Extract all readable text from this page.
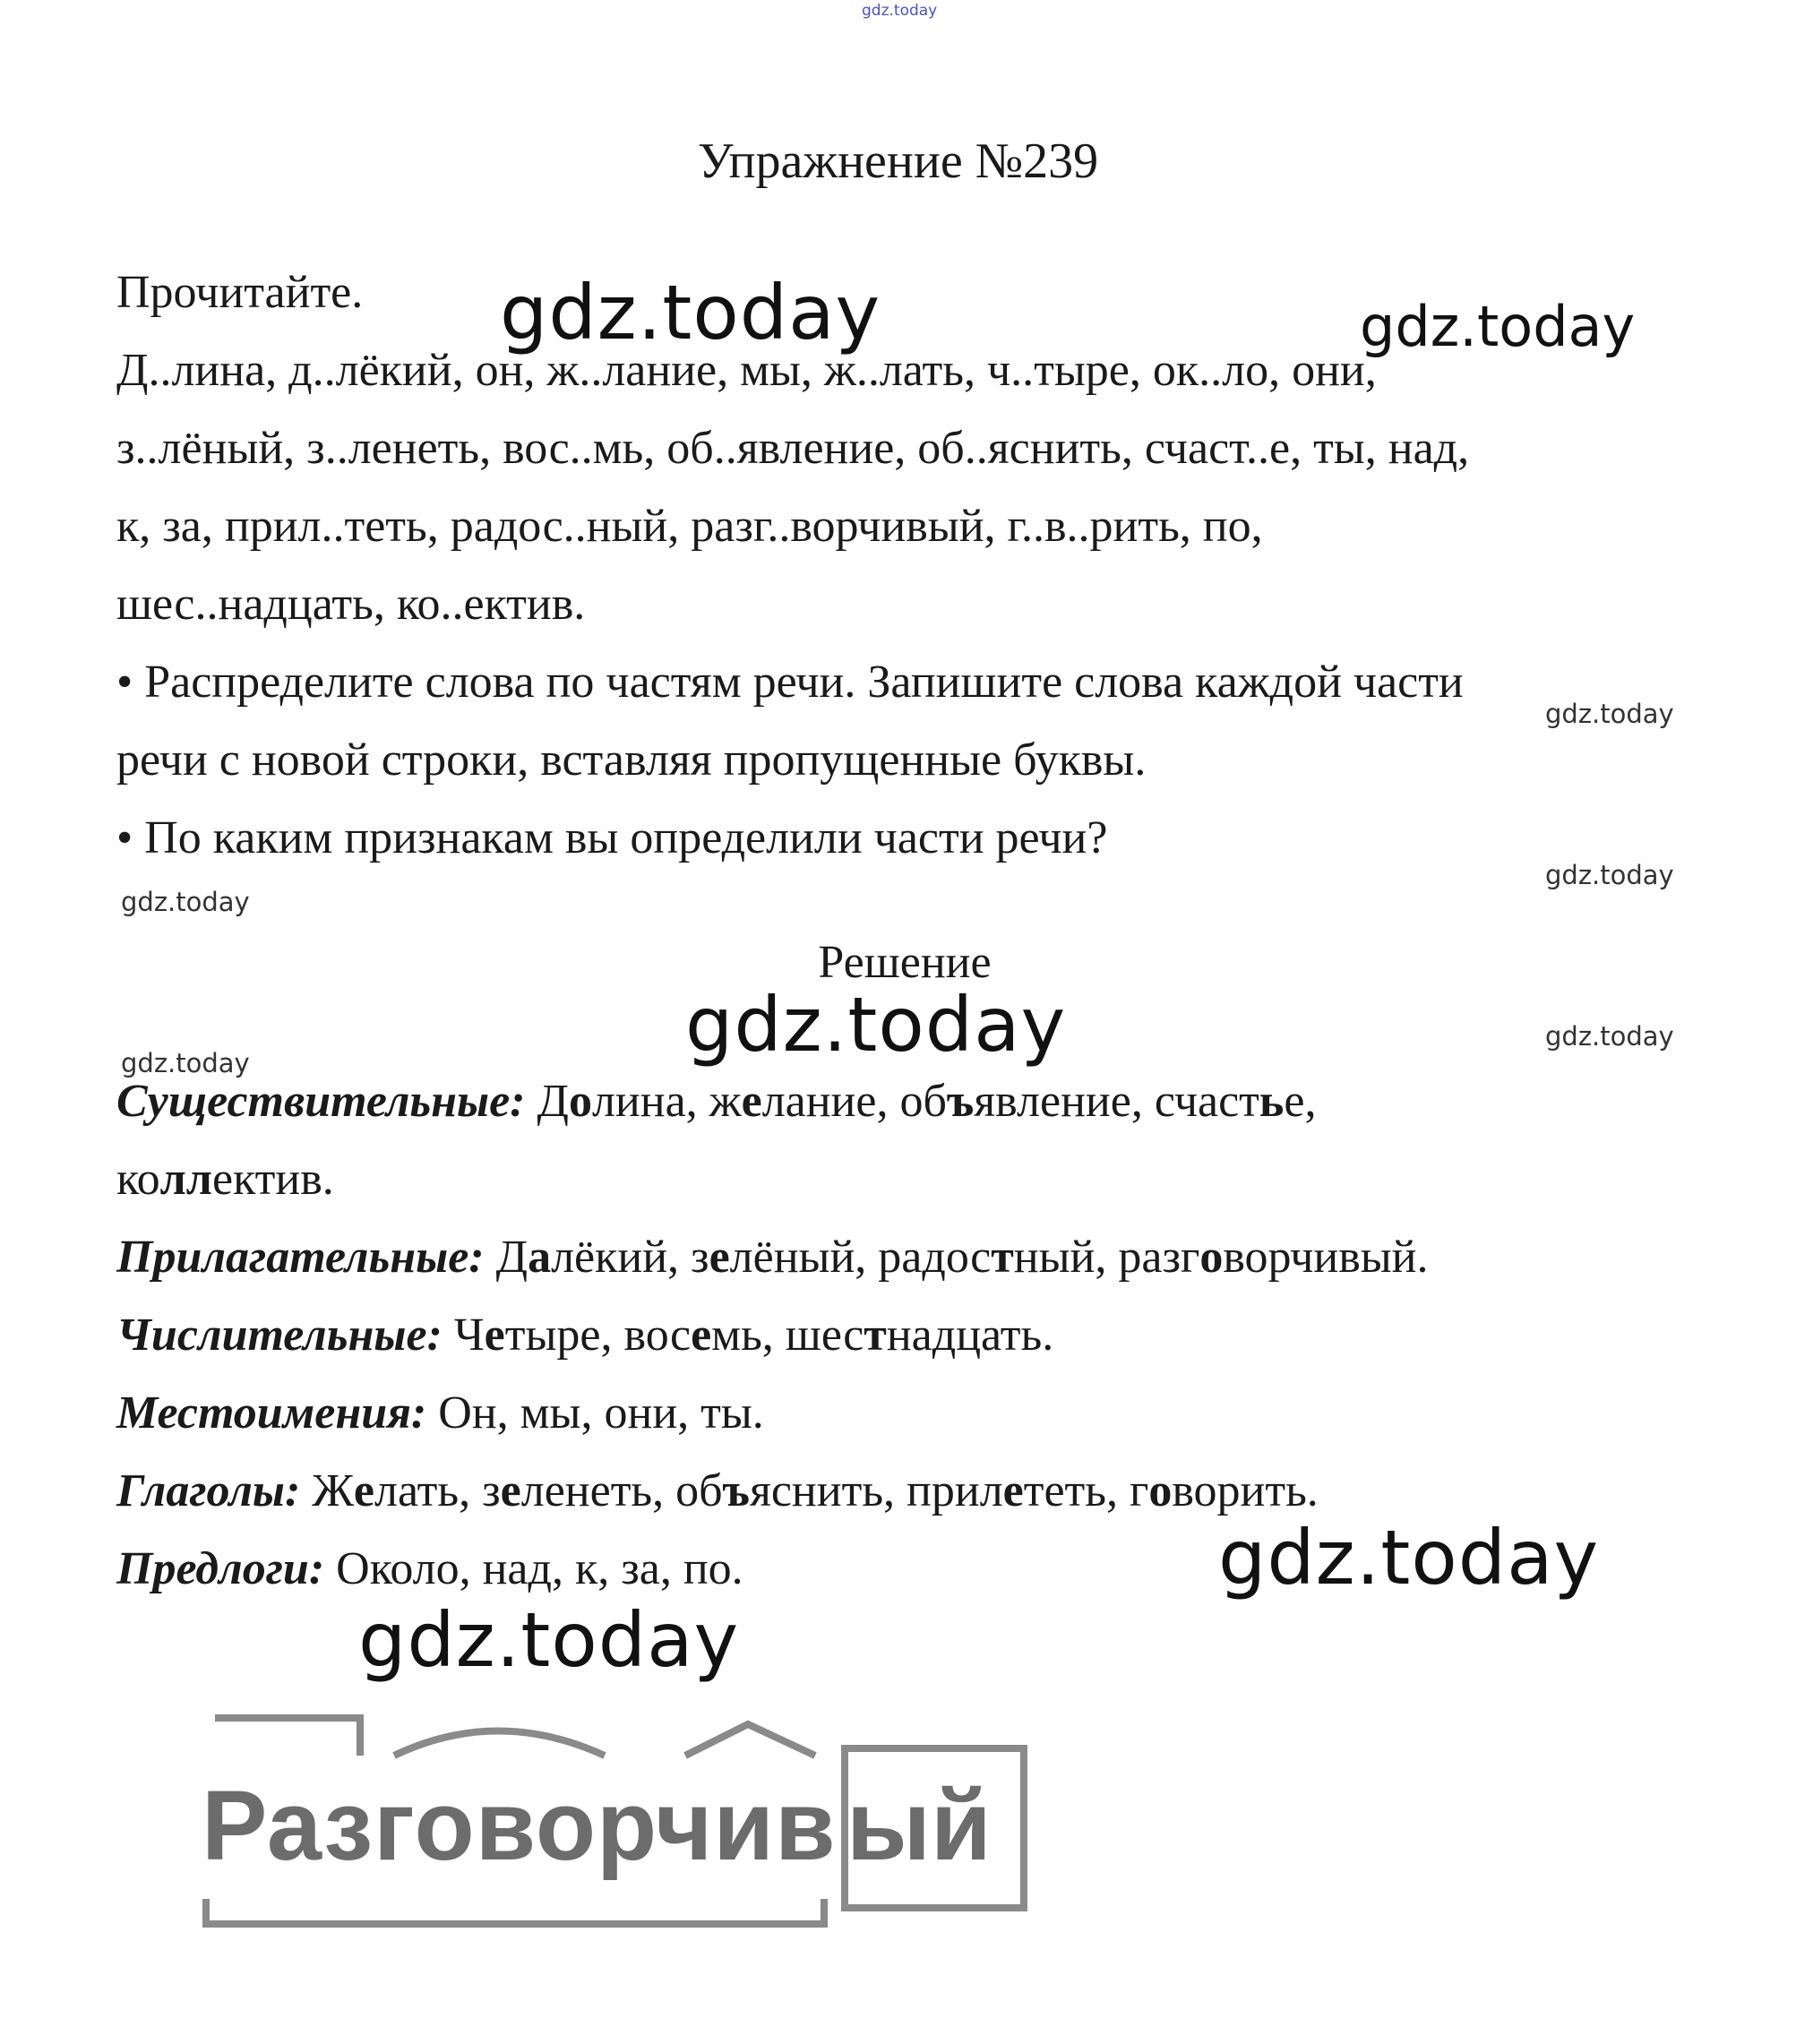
gdz.today
gdz.today	gdz.today
gdz.today
gdz.today
gdz.today
gdz.today	gdz.today
gdz.today
gdz.today
gdz.today
Упражнение №239

Прочитайте.

Д..лина, д..лёкий, он, ж..лание, мы, ж..лать, ч..тыре, ок..ло, они,

з..лёный, з..ленеть, вос..мь, об..явление, об..яснить, счаст..е, ты, над,

к, за, прил..теть, радос..ный, разг..ворчивый, г..в..рить, по,

шес..надцать, ко..ектив.

• Распределите слова по частям речи. Запишите слова каждой части

речи с новой строки, вставляя пропущенные буквы.

• По каким признакам вы определили части речи?

Решение

Существительные: Долина, желание, объявление, счастье,

коллектив.

Прилагательные: Далёкий, зелёный, радостный, разговорчивый.

Числительные: Четыре, восемь, шестнадцать.

Местоимения: Он, мы, они, ты.

Глаголы: Желать, зеленеть, объяснить, прилететь, говорить.

Предлоги: Около, над, к, за, по.

Разговорчив ый
